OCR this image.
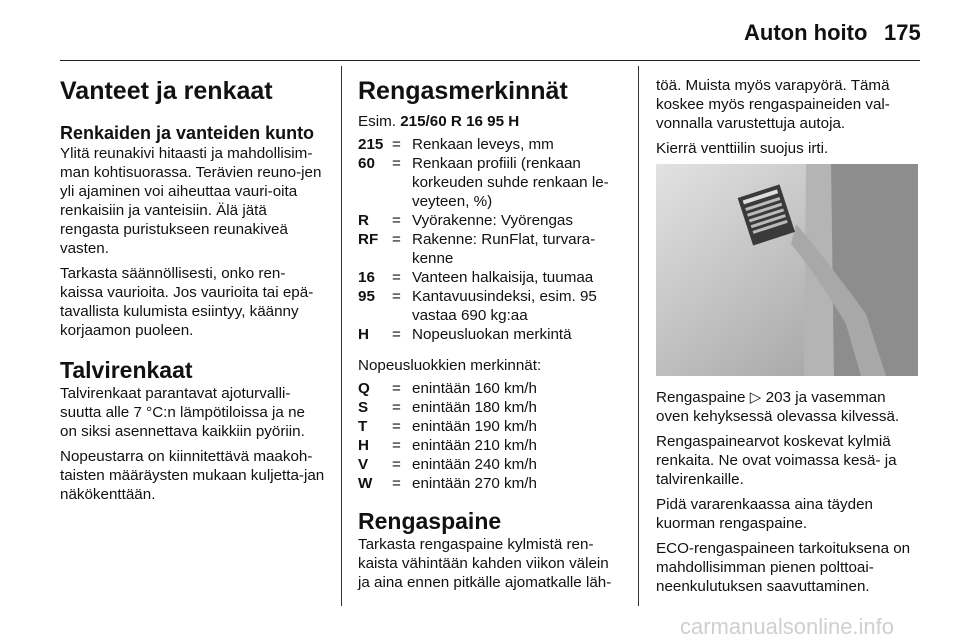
Auton hoito 175
Vanteet ja renkaat
Renkaiden ja vanteiden kunto

Ylitä reunakivi hitaasti ja mahdollisim-man kohtisuorassa. Terävien reuno-jen yli ajaminen voi aiheuttaa vauri-oita renkaisiin ja vanteisiin. Älä jätä rengasta puristukseen reunakiveä vasten.

Tarkasta säännöllisesti, onko ren-kaissa vaurioita. Jos vaurioita tai epä-tavallista kulumista esiintyy, käänny korjaamon puoleen.

Talvirenkaat

Talvirenkaat parantavat ajoturvalli-suutta alle 7 °C:n lämpötiloissa ja ne on siksi asennettava kaikkiin pyöriin.

Nopeustarra on kiinnitettävä maakoh-taisten määräysten mukaan kuljetta-jan näkökenttään.

Rengasmerkinnät

Esim. 215/60 R 16 95 H

215 = Renkaan leveys, mm
60	= Renkaan profiili (renkaan korkeuden suhde renkaan le-veyteen, %)
R	= Vyörakenne: Vyörengas
RF = Rakenne: RunFlat, turvara-kenne
16	= Vanteen halkaisija, tuumaa
95	= Kantavuusindeksi, esim. 95 vastaa 690 kg:aa
H	= Nopeusluokan merkintä

Nopeusluokkien merkinnät:

Q	= enintään 160 km/h
S	= enintään 180 km/h
T	= enintään 190 km/h
H	= enintään 210 km/h
V	= enintään 240 km/h
W	= enintään 270 km/h
Rengaspaine

Tarkasta rengaspaine kylmistä ren-kaista vähintään kahden viikon välein ja aina ennen pitkälle ajomatkalle läh-

töä. Muista myös varapyörä. Tämä koskee myös rengaspaineiden val-vonnalla varustettuja autoja.

Kierrä venttiilin suojus irti.

Rengaspaine ▷ 203 ja vasemman oven kehyksessä olevassa kilvessä.

Rengaspainearvot koskevat kylmiä renkaita. Ne ovat voimassa kesä- ja talvirenkaille.

Pidä vararenkaassa aina täyden kuorman rengaspaine.

ECO-rengaspaineen tarkoituksena on mahdollisimman pienen polttoai-neenkulutuksen saavuttaminen.

carmanualsonline.info
